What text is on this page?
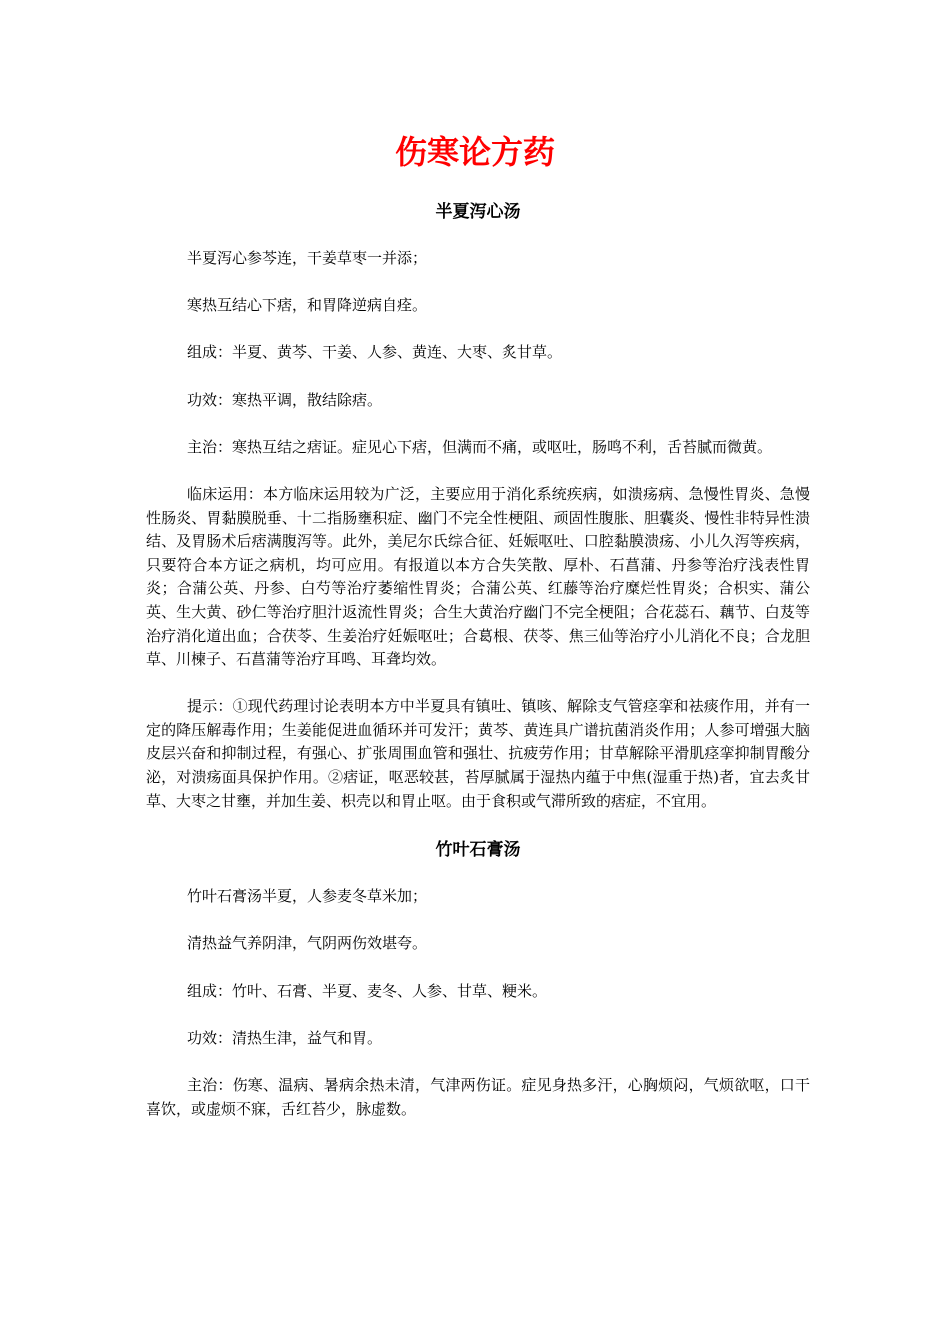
伤寒论方药
半夏泻心汤

半夏泻心参芩连，干姜草枣一并添；

寒热互结心下痞，和胃降逆病自痊。

组成：半夏、黄芩、干姜、人参、黄连、大枣、炙甘草。

功效：寒热平调，散结除痞。

主治：寒热互结之痞证。症见心下痞，但满而不痛，或呕吐，肠鸣不利，舌苔腻而微黄。

临床运用：本方临床运用较为广泛，主要应用于消化系统疾病，如溃疡病、急慢性胃炎、急慢性肠炎、胃黏膜脱垂、十二指肠壅积症、幽门不完全性梗阻、顽固性腹胀、胆囊炎、慢性非特异性溃结、及胃肠术后痞满腹泻等。此外，美尼尔氏综合征、妊娠呕吐、口腔黏膜溃疡、小儿久泻等疾病，只要符合本方证之病机，均可应用。有报道以本方合失笑散、厚朴、石菖蒲、丹参等治疗浅表性胃炎；合蒲公英、丹参、白芍等治疗萎缩性胃炎；合蒲公英、红藤等治疗糜烂性胃炎；合枳实、蒲公英、生大黄、砂仁等治疗胆汁返流性胃炎；合生大黄治疗幽门不完全梗阻；合花蕊石、藕节、白芨等治疗消化道出血；合茯苓、生姜治疗妊娠呕吐；合葛根、茯苓、焦三仙等治疗小儿消化不良；合龙胆草、川楝子、石菖蒲等治疗耳鸣、耳聋均效。

提示：①现代药理讨论表明本方中半夏具有镇吐、镇咳、解除支气管痉挛和祛痰作用，并有一定的降压解毒作用；生姜能促进血循环并可发汗；黄芩、黄连具广谱抗菌消炎作用；人参可增强大脑皮层兴奋和抑制过程，有强心、扩张周围血管和强壮、抗疲劳作用；甘草解除平滑肌痉挛抑制胃酸分泌，对溃疡面具保护作用。②痞证，呕恶较甚，苔厚腻属于湿热内蕴于中焦(湿重于热)者，宜去炙甘草、大枣之甘壅，并加生姜、枳壳以和胃止呕。由于食积或气滞所致的痞症，不宜用。

竹叶石膏汤

竹叶石膏汤半夏，人参麦冬草米加；

清热益气养阴津，气阴两伤效堪夸。

组成：竹叶、石膏、半夏、麦冬、人参、甘草、粳米。

功效：清热生津，益气和胃。

主治：伤寒、温病、暑病余热未清，气津两伤证。症见身热多汗，心胸烦闷，气烦欲呕，口干喜饮，或虚烦不寐，舌红苔少，脉虚数。
